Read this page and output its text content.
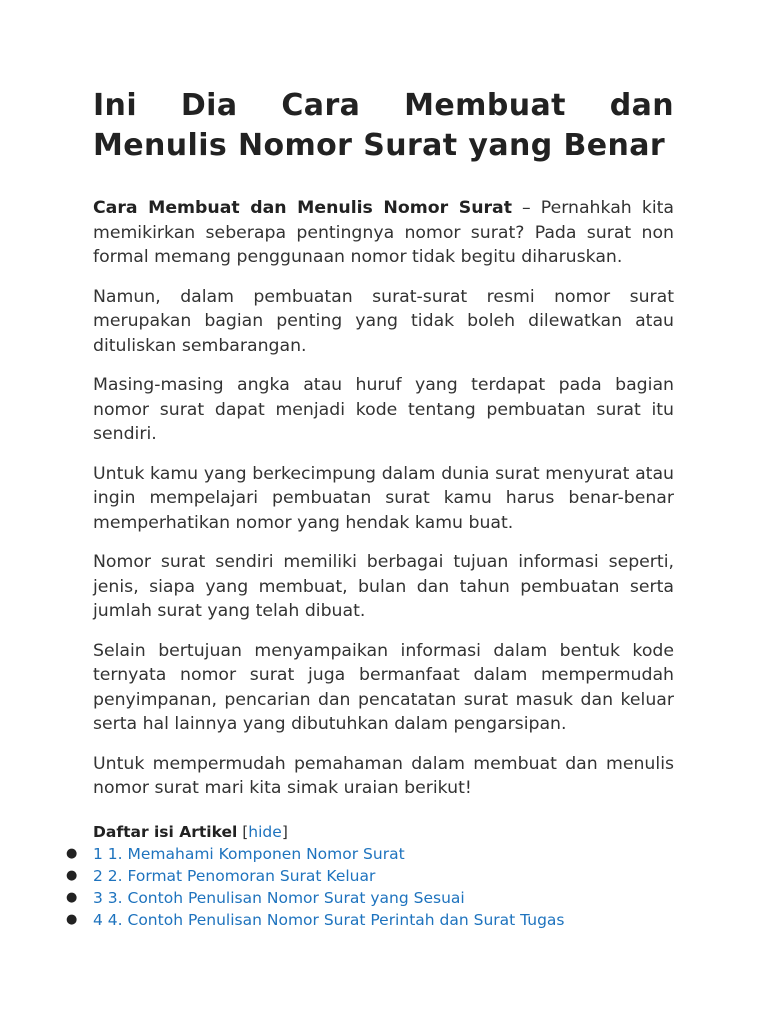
Ini Dia Cara Membuat dan Menulis Nomor Surat yang Benar

Cara Membuat dan Menulis Nomor Surat – Pernahkah kita memikirkan seberapa pentingnya nomor surat? Pada surat non formal memang penggunaan nomor tidak begitu diharuskan.

Namun, dalam pembuatan surat-surat resmi nomor surat merupakan bagian penting yang tidak boleh dilewatkan atau dituliskan sembarangan.

Masing-masing angka atau huruf yang terdapat pada bagian nomor surat dapat menjadi kode tentang pembuatan surat itu sendiri.

Untuk kamu yang berkecimpung dalam dunia surat menyurat atau ingin mempelajari pembuatan surat kamu harus benar-benar memperhatikan nomor yang hendak kamu buat.

Nomor surat sendiri memiliki berbagai tujuan informasi seperti, jenis, siapa yang membuat, bulan dan tahun pembuatan serta jumlah surat yang telah dibuat.

Selain bertujuan menyampaikan informasi dalam bentuk kode ternyata nomor surat juga bermanfaat dalam mempermudah penyimpanan, pencarian dan pencatatan surat masuk dan keluar serta hal lainnya yang dibutuhkan dalam pengarsipan.

Untuk mempermudah pemahaman dalam membuat dan menulis nomor surat mari kita simak uraian berikut!

Daftar isi Artikel [hide]
● 1 1. Memahami Komponen Nomor Surat
● 2 2. Format Penomoran Surat Keluar
● 3 3. Contoh Penulisan Nomor Surat yang Sesuai
● 4 4. Contoh Penulisan Nomor Surat Perintah dan Surat Tugas
